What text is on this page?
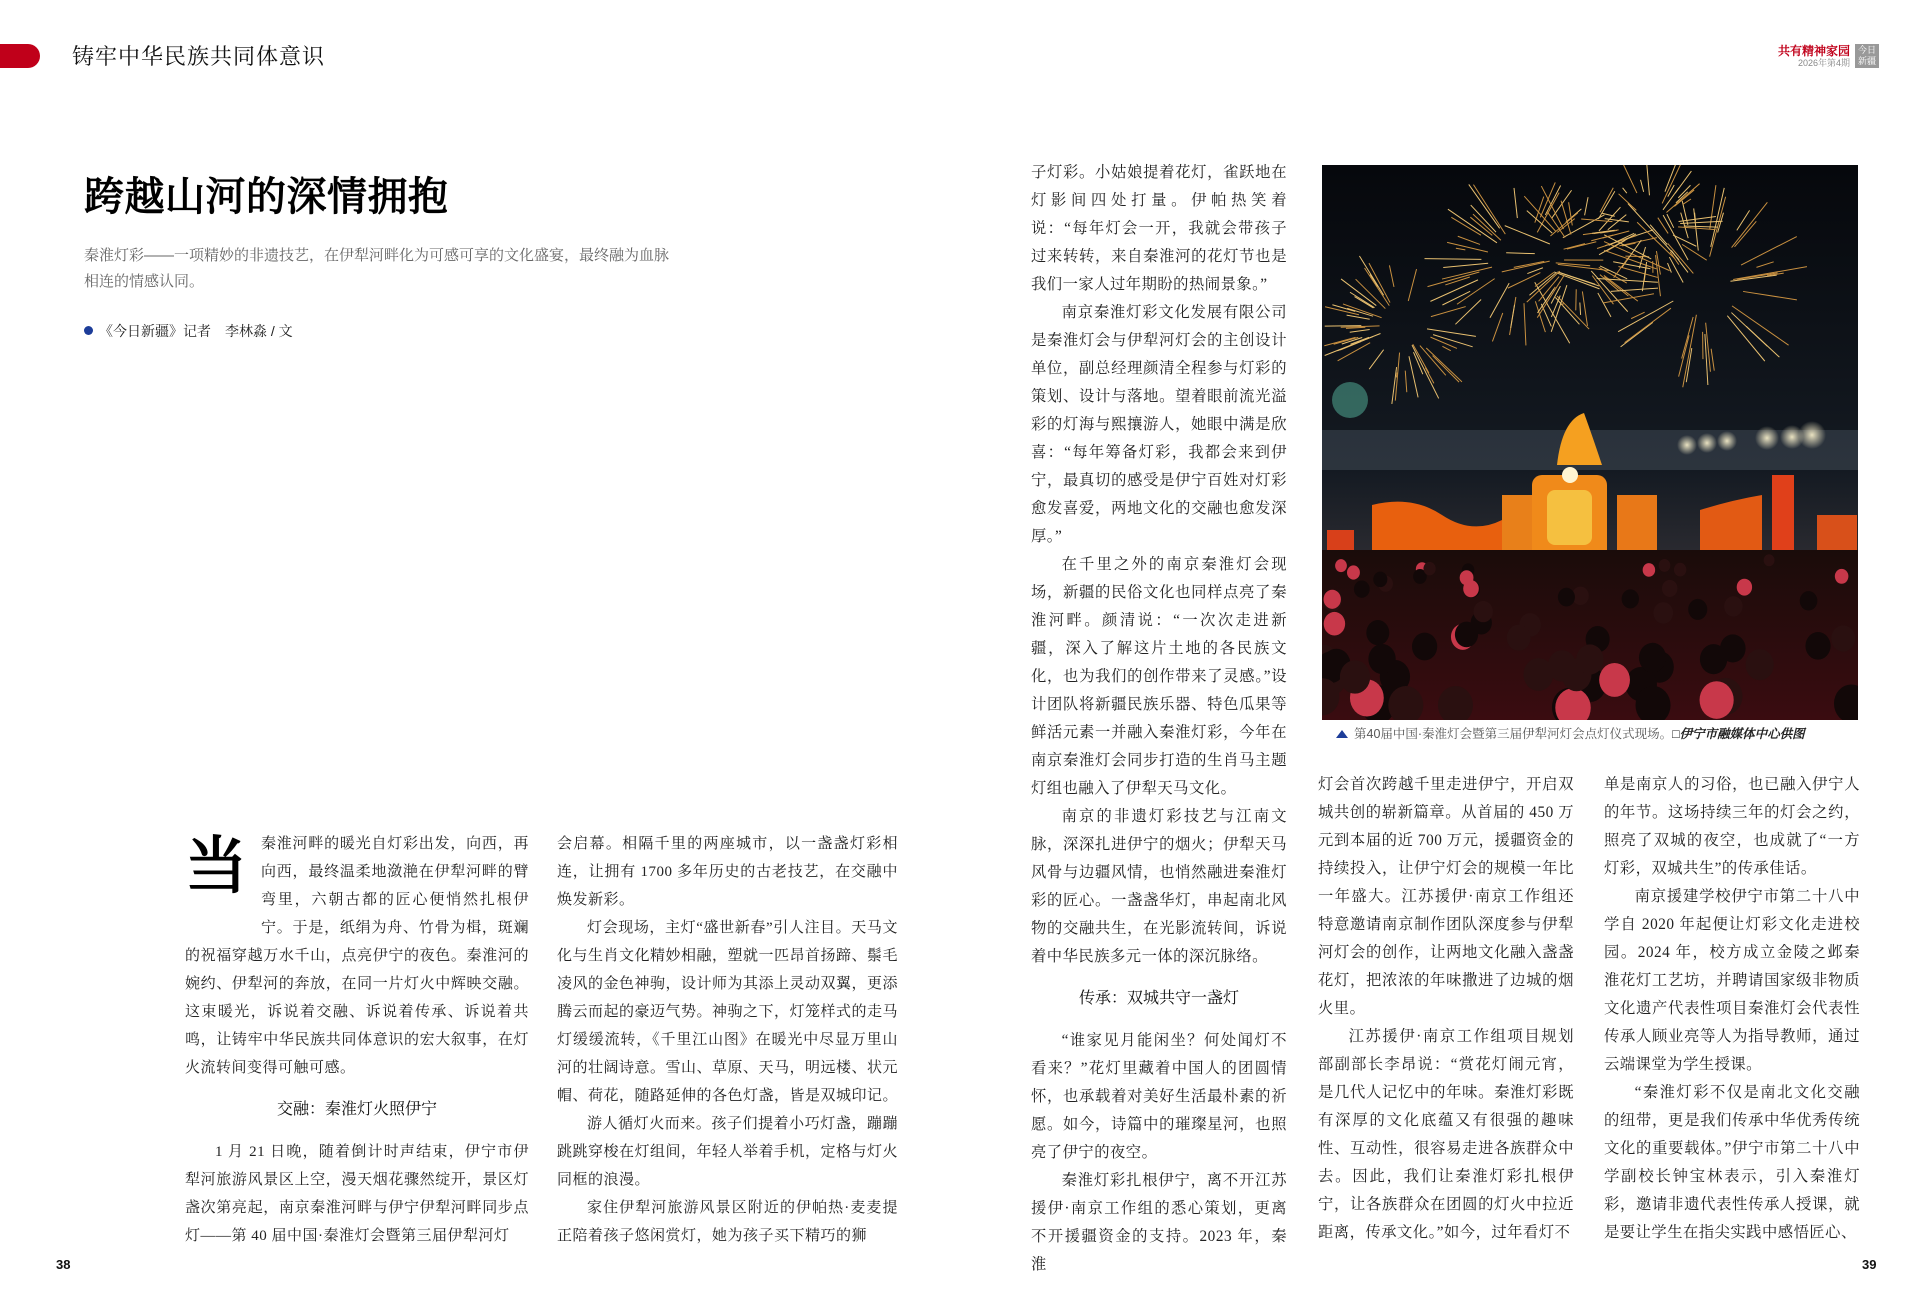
铸牢中华民族共同体意识	共有精神家园
2026年第4期
今日
新疆
跨越山河的深情拥抱
秦淮灯彩——一项精妙的非遗技艺，在伊犁河畔化为可感可享的文化盛宴，最终融为血脉相连的情感认同。
《今日新疆》记者　李林淼 / 文

当秦淮河畔的暖光自灯彩出发，向西，再向西，最终温柔地潋滟在伊犁河畔的臂弯里，六朝古都的匠心便悄然扎根伊宁。于是，纸绢为舟、竹骨为楫，斑斓的祝福穿越万水千山，点亮伊宁的夜色。秦淮河的婉约、伊犁河的奔放，在同一片灯火中辉映交融。这束暖光，诉说着交融、诉说着传承、诉说着共鸣，让铸牢中华民族共同体意识的宏大叙事，在灯火流转间变得可触可感。

交融：秦淮灯火照伊宁

1 月 21 日晚，随着倒计时声结束，伊宁市伊犁河旅游风景区上空，漫天烟花骤然绽开，景区灯盏次第亮起，南京秦淮河畔与伊宁伊犁河畔同步点灯——第 40 届中国·秦淮灯会暨第三届伊犁河灯

会启幕。相隔千里的两座城市，以一盏盏灯彩相连，让拥有 1700 多年历史的古老技艺，在交融中焕发新彩。

灯会现场，主灯“盛世新春”引人注目。天马文化与生肖文化精妙相融，塑就一匹昂首扬蹄、鬃毛凌风的金色神驹，设计师为其添上灵动双翼，更添腾云而起的豪迈气势。神驹之下，灯笼样式的走马灯缓缓流转，《千里江山图》在暖光中尽显万里山河的壮阔诗意。雪山、草原、天马，明远楼、状元帽、荷花，随路延伸的各色灯盏，皆是双城印记。

游人循灯火而来。孩子们提着小巧灯盏，蹦蹦跳跳穿梭在灯组间，年轻人举着手机，定格与灯火同框的浪漫。

家住伊犁河旅游风景区附近的伊帕热·麦麦提正陪着孩子悠闲赏灯，她为孩子买下精巧的狮

子灯彩。小姑娘提着花灯，雀跃地在灯影间四处打量。伊帕热笑着说：“每年灯会一开，我就会带孩子过来转转，来自秦淮河的花灯节也是我们一家人过年期盼的热闹景象。”

南京秦淮灯彩文化发展有限公司是秦淮灯会与伊犁河灯会的主创设计单位，副总经理颜清全程参与灯彩的策划、设计与落地。望着眼前流光溢彩的灯海与熙攘游人，她眼中满是欣喜：“每年筹备灯彩，我都会来到伊宁，最真切的感受是伊宁百姓对灯彩愈发喜爱，两地文化的交融也愈发深厚。”

在千里之外的南京秦淮灯会现场，新疆的民俗文化也同样点亮了秦淮河畔。颜清说：“一次次走进新疆，深入了解这片土地的各民族文化，也为我们的创作带来了灵感。”设计团队将新疆民族乐器、特色瓜果等鲜活元素一并融入秦淮灯彩，今年在南京秦淮灯会同步打造的生肖马主题灯组也融入了伊犁天马文化。

南京的非遗灯彩技艺与江南文脉，深深扎进伊宁的烟火；伊犁天马风骨与边疆风情，也悄然融进秦淮灯彩的匠心。一盏盏华灯，串起南北风物的交融共生，在光影流转间，诉说着中华民族多元一体的深沉脉络。

传承：双城共守一盏灯

“谁家见月能闲坐？何处闻灯不看来？”花灯里藏着中国人的团圆情怀，也承载着对美好生活最朴素的祈愿。如今，诗篇中的璀璨星河，也照亮了伊宁的夜空。

秦淮灯彩扎根伊宁，离不开江苏援伊·南京工作组的悉心策划，更离不开援疆资金的支持。2023 年，秦淮

灯会首次跨越千里走进伊宁，开启双城共创的崭新篇章。从首届的 450 万元到本届的近 700 万元，援疆资金的持续投入，让伊宁灯会的规模一年比一年盛大。江苏援伊·南京工作组还特意邀请南京制作团队深度参与伊犁河灯会的创作，让两地文化融入盏盏花灯，把浓浓的年味撒进了边城的烟火里。

江苏援伊·南京工作组项目规划部副部长李昂说：“赏花灯闹元宵，是几代人记忆中的年味。秦淮灯彩既有深厚的文化底蕴又有很强的趣味性、互动性，很容易走进各族群众中去。因此，我们让秦淮灯彩扎根伊宁，让各族群众在团圆的灯火中拉近距离，传承文化。”如今，过年看灯不

单是南京人的习俗，也已融入伊宁人的年节。这场持续三年的灯会之约，照亮了双城的夜空，也成就了“一方灯彩，双城共生”的传承佳话。

南京援建学校伊宁市第二十八中学自 2020 年起便让灯彩文化走进校园。2024 年，校方成立金陵之邺秦淮花灯工艺坊，并聘请国家级非物质文化遗产代表性项目秦淮灯会代表性传承人顾业亮等人为指导教师，通过云端课堂为学生授课。

“秦淮灯彩不仅是南北文化交融的纽带，更是我们传承中华优秀传统文化的重要载体。”伊宁市第二十八中学副校长钟宝林表示，引入秦淮灯彩，邀请非遗代表性传承人授课，就是要让学生在指尖实践中感悟匠心、

第40届中国·秦淮灯会暨第三届伊犁河灯会点灯仪式现场。□伊宁市融媒体中心供图
38	39
